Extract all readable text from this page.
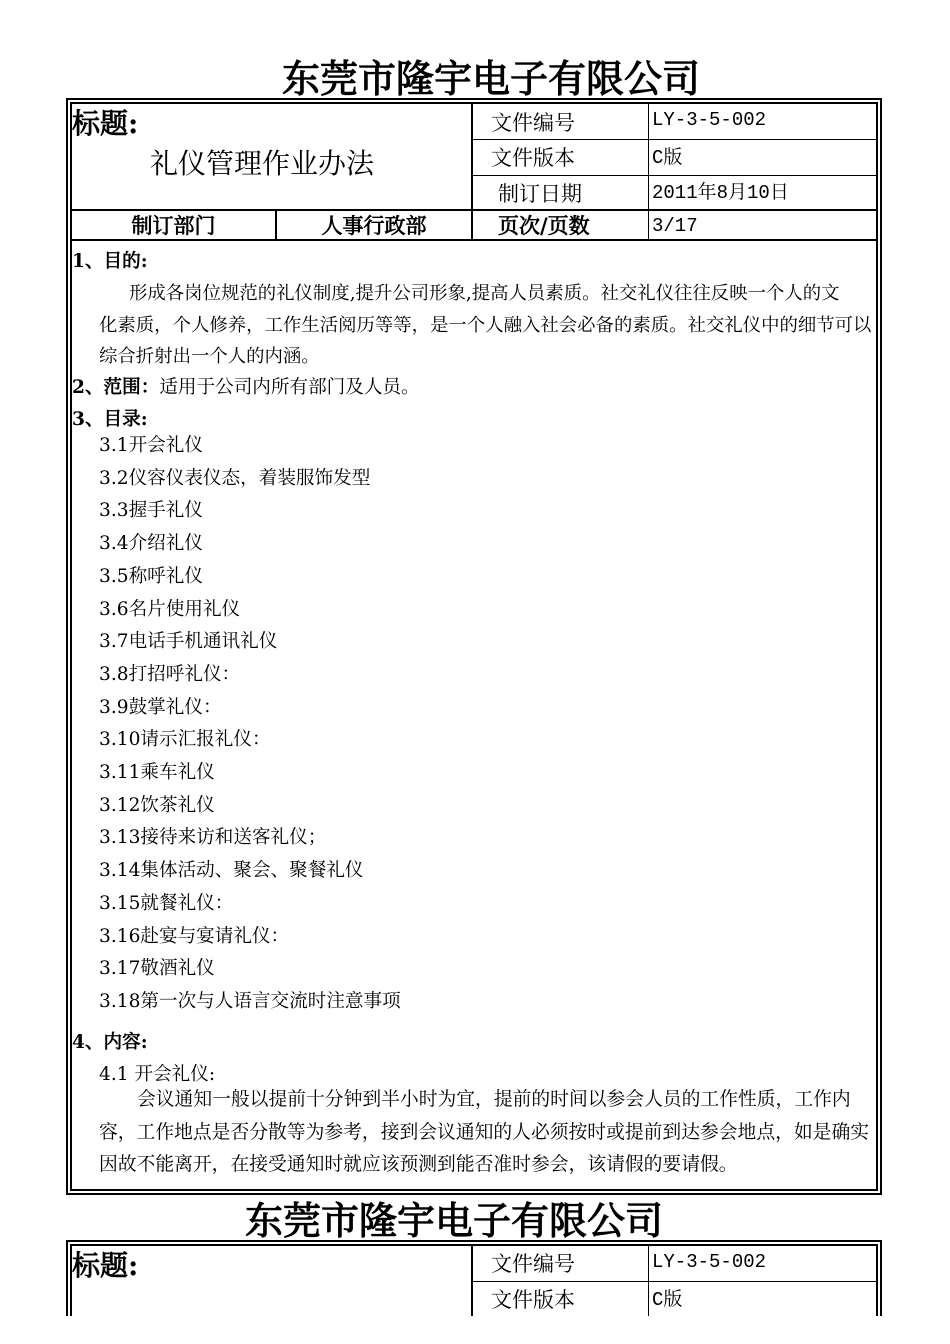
东莞市隆宇电子有限公司
标题:
礼仪管理作业办法
文件编号	LY-3-5-002
文件版本	C版
制订日期	2011年8月10日
制订部门	人事行政部	页次/页数	3/17
1、目的:
形成各岗位规范的礼仪制度,提升公司形象,提高人员素质。社交礼仪往往反映一个人的文
化素质，个人修养，工作生活阅历等等，是一个人融入社会必备的素质。社交礼仪中的细节可以
综合折射出一个人的内涵。
2、范围：适用于公司内所有部门及人员。
3、目录:
3.1开会礼仪
3.2仪容仪表仪态，着装服饰发型
3.3握手礼仪
3.4介绍礼仪
3.5称呼礼仪
3.6名片使用礼仪
3.7电话手机通讯礼仪
3.8打招呼礼仪：
3.9鼓掌礼仪：
3.10请示汇报礼仪：
3.11乘车礼仪
3.12饮茶礼仪
3.13接待来访和送客礼仪；
3.14集体活动、聚会、聚餐礼仪
3.15就餐礼仪：
3.16赴宴与宴请礼仪：
3.17敬酒礼仪
3.18第一次与人语言交流时注意事项
4、内容:
4.1 开会礼仪:
会议通知一般以提前十分钟到半小时为宜，提前的时间以参会人员的工作性质，工作内
容，工作地点是否分散等为参考，接到会议通知的人必须按时或提前到达参会地点，如是确实
因故不能离开，在接受通知时就应该预测到能否准时参会，该请假的要请假。
东莞市隆宇电子有限公司
标题:	文件编号	LY-3-5-002
文件版本	C版
